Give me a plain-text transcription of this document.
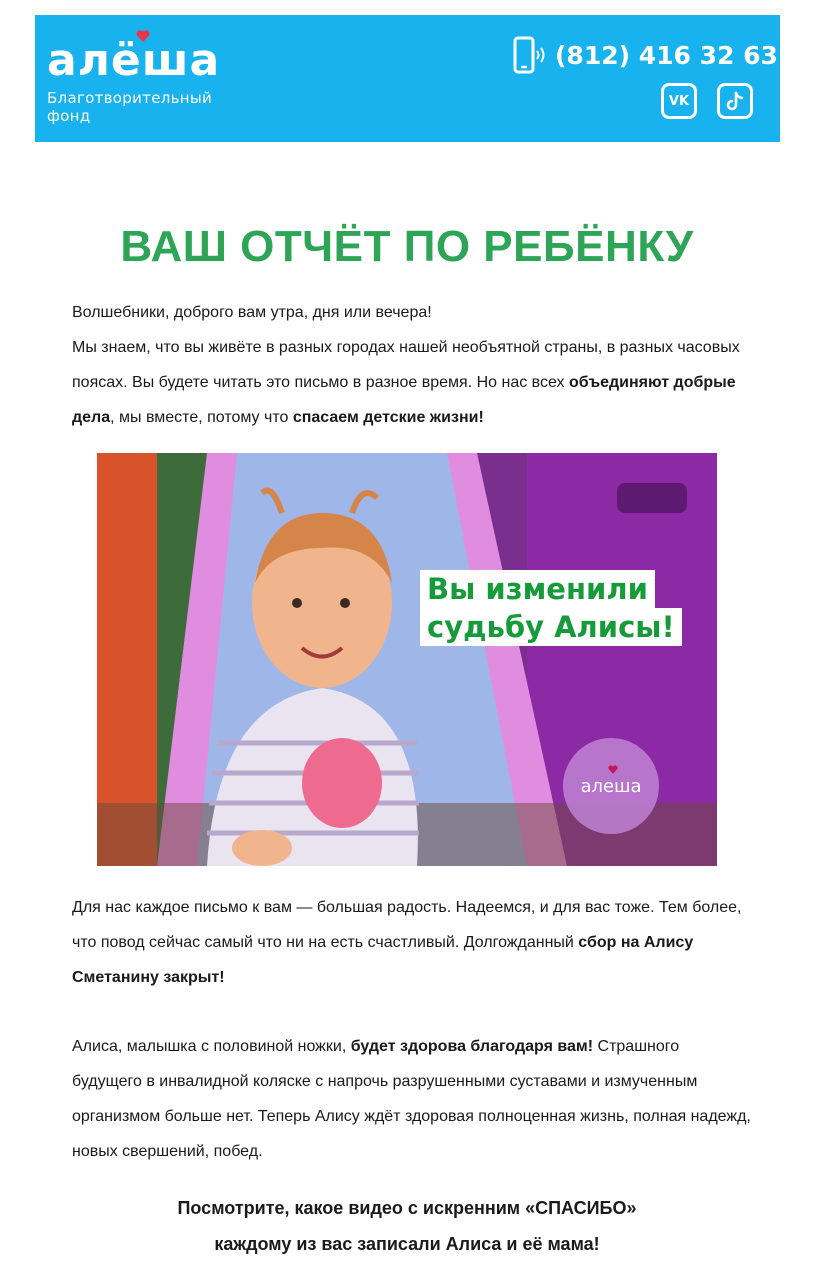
алёша
Благотворительный
фонд
(812) 416 32 63
VK
ВАШ ОТЧЁТ ПО РЕБЁНКУ

Волшебники, доброго вам утра, дня или вечера!

Мы знаем, что вы живёте в разных городах нашей необъятной страны, в разных часовых поясах. Вы будете читать это письмо в разное время. Но нас всех объединяют добрые дела, мы вместе, потому что спасаем детские жизни!

Вы изменили
судьбу Алисы!
алеша

Для нас каждое письмо к вам — большая радость. Надеемся, и для вас тоже. Тем более, что повод сейчас самый что ни на есть счастливый. Долгожданный сбор на Алису Сметанину закрыт!

Алиса, малышка с половиной ножки, будет здорова благодаря вам! Страшного будущего в инвалидной коляске с напрочь разрушенными суставами и измученным организмом больше нет. Теперь Алису ждёт здоровая полноценная жизнь, полная надежд, новых свершений, побед.

Посмотрите, какое видео с искренним «СПАСИБО»

каждому из вас записали Алиса и её мама!
